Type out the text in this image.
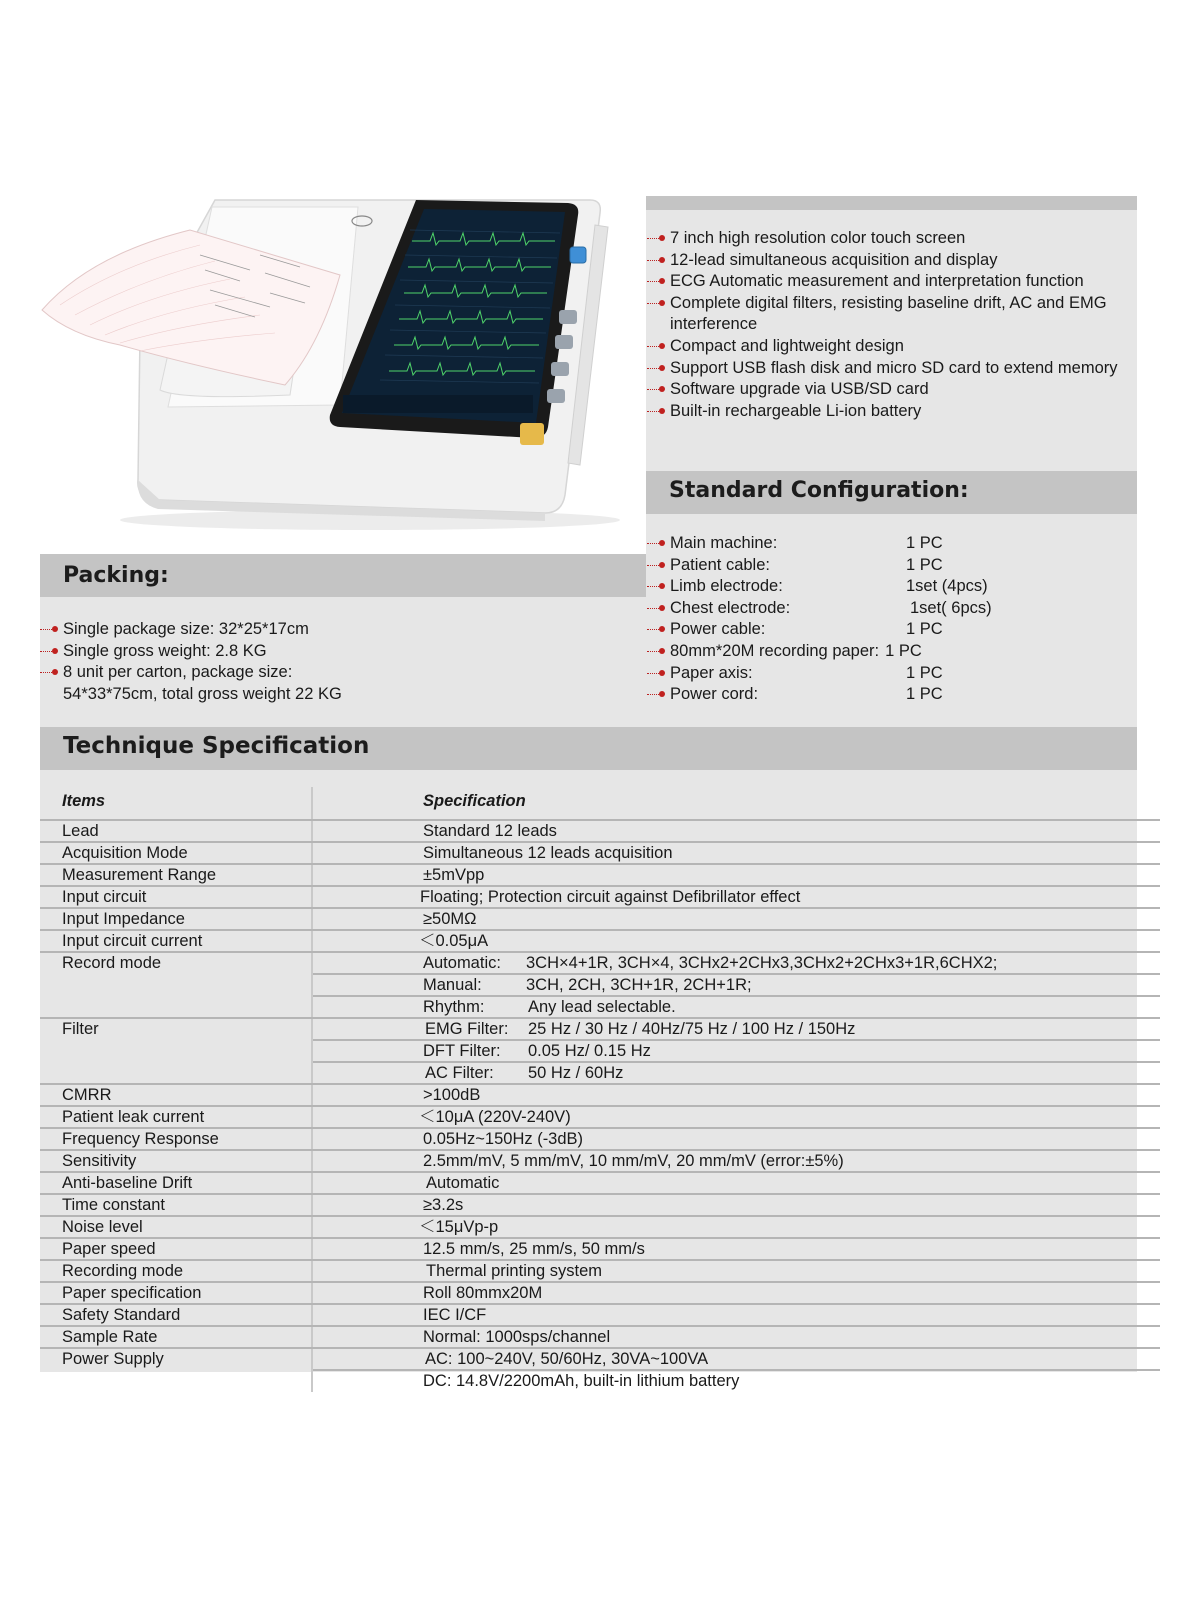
7 inch high resolution color touch screen
12-lead simultaneous acquisition and display
ECG Automatic measurement and interpretation function
Complete digital filters, resisting baseline drift, AC and EMG interference
Compact and lightweight design
Support USB flash disk and micro SD card to extend memory
Software upgrade via USB/SD card
Built-in rechargeable Li-ion battery
Standard Configuration:
Main machine:	1 PC
Patient cable:	1 PC
Limb electrode:	1set (4pcs)
Chest electrode:	1set( 6pcs)
Power cable:	1 PC
80mm*20M recording paper: 1 PC
Paper axis:	1 PC
Power cord:	1 PC
Packing:
Single package size: 32*25*17cm
Single gross weight: 2.8 KG
8 unit per carton, package size: 54*33*75cm, total gross weight 22 KG
Technique Specification
Items	Specification
Lead	Standard 12 leads
Acquisition Mode	Simultaneous 12 leads acquisition
Measurement Range	±5mVpp
Input circuit	Floating; Protection circuit against Defibrillator effect
Input Impedance	≥50MΩ
Input circuit current	＜0.05μA
Record mode	Automatic: 3CH×4+1R, 3CH×4, 3CHx2+2CHx3,3CHx2+2CHx3+1R,6CHX2;
	Manual: 3CH, 2CH, 3CH+1R, 2CH+1R;
	Rhythm: Any lead selectable.
Filter	EMG Filter: 25 Hz / 30 Hz / 40Hz/75 Hz / 100 Hz / 150Hz
	DFT Filter: 0.05 Hz/ 0.15 Hz
	AC Filter: 50 Hz / 60Hz
CMRR	>100dB
Patient leak current	＜10μA (220V-240V)
Frequency Response	0.05Hz~150Hz (-3dB)
Sensitivity	2.5mm/mV, 5 mm/mV, 10 mm/mV, 20 mm/mV (error:±5%)
Anti-baseline Drift	Automatic
Time constant	≥3.2s
Noise level	＜15μVp-p
Paper speed	12.5 mm/s, 25 mm/s, 50 mm/s
Recording mode	Thermal printing system
Paper specification	Roll 80mmx20M
Safety Standard	IEC I/CF
Sample Rate	Normal: 1000sps/channel
Power Supply	AC: 100~240V, 50/60Hz, 30VA~100VA
	DC: 14.8V/2200mAh, built-in lithium battery
